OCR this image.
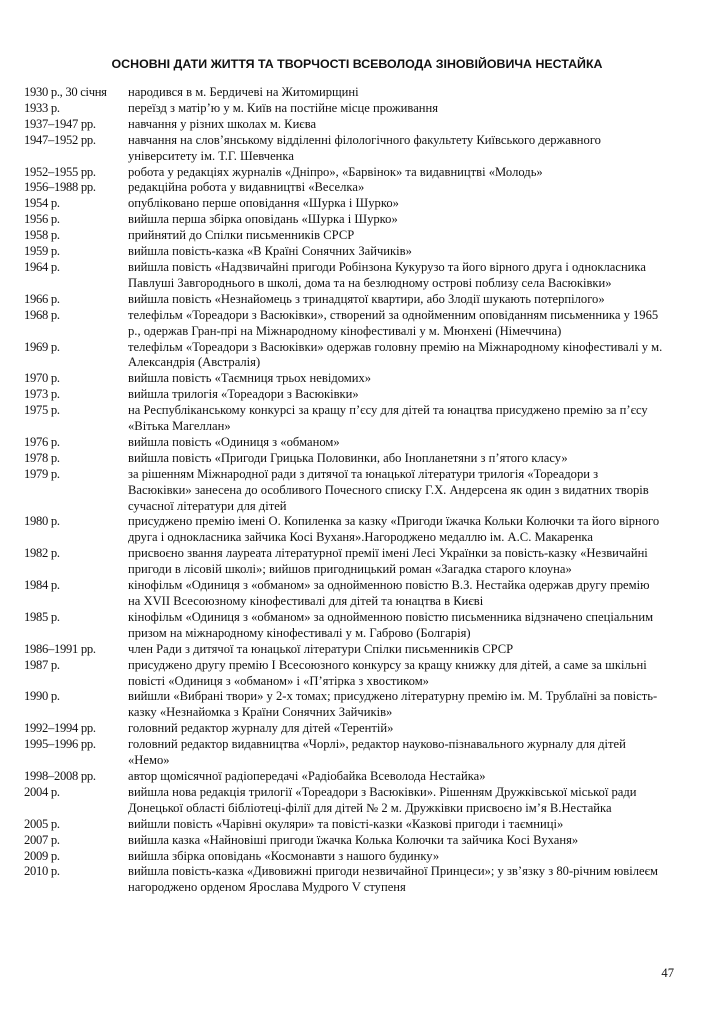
ОСНОВНІ ДАТИ ЖИТТЯ ТА ТВОРЧОСТІ ВСЕВОЛОДА ЗІНОВІЙОВИЧА НЕСТАЙКА
1930 р., 30 січня	народився в м. Бердичеві на Житомирщині
1933 р.	переїзд з матір’ю у м. Київ на постійне місце проживання
1937–1947 рр.	навчання у різних школах м. Києва
1947–1952 рр.	навчання на слов’янському відділенні філологічного факультету Київського державного університету ім. Т.Г. Шевченка
1952–1955 рр.	робота у редакціях журналів «Дніпро», «Барвінок» та видавництві «Молодь»
1956–1988 рр.	редакційна робота у видавництві «Веселка»
1954 р.	опубліковано перше оповідання «Шурка і Шурко»
1956 р.	вийшла перша збірка оповідань «Шурка і Шурко»
1958 р.	прийнятий до Спілки письменників СРСР
1959 р.	вийшла повість-казка «В Країні Сонячних Зайчиків»
1964 р.	вийшла повість «Надзвичайні пригоди Робінзона Кукурузо та його вірного друга і однокласника Павлуші Завгороднього в школі, дома та на безлюдному острові поблизу села Васюківки»
1966 р.	вийшла повість «Незнайомець з тринадцятої квартири, або Злодії шукають потерпілого»
1968 р.	телефільм «Тореадори з Васюківки», створений за однойменним оповіданням письменника у 1965 р., одержав Гран-прі на Міжнародному кінофестивалі у м. Мюнхені (Німеччина)
1969 р.	телефільм «Тореадори з Васюківки» одержав головну премію на Міжнародному кінофестивалі у м. Александрія (Австралія)
1970 р.	вийшла повість «Таємниця трьох невідомих»
1973 р.	вийшла трилогія «Тореадори з Васюківки»
1975 р.	на Республіканському конкурсі за кращу п’єсу для дітей та юнацтва присуджено премію за п’єсу «Вітька Магеллан»
1976 р.	вийшла повість «Одиниця з «обманом»
1978 р.	вийшла повість «Пригоди Грицька Половинки, або Інопланетяни з п’ятого класу»
1979 р.	за рішенням Міжнародної ради з дитячої та юнацької літератури трилогія «Тореадори з Васюківки» занесена до особливого Почесного списку Г.Х. Андерсена як один з видатних творів сучасної літератури для дітей
1980 р.	присуджено премію імені О. Копиленка за казку «Пригоди їжачка Кольки Колючки та його вірного друга і однокласника зайчика Косі Вуханя».Нагороджено медаллю ім. А.С. Макаренка
1982 р.	присвоєно звання лауреата літературної премії імені Лесі Українки за повість-казку «Незвичайні пригоди в лісовій школі»; вийшов пригодницький роман «Загадка старого клоуна»
1984 р.	кінофільм «Одиниця з «обманом» за однойменною повістю В.З. Нестайка одержав другу премію на XVII Всесоюзному кінофестивалі для дітей та юнацтва в Києві
1985 р.	кінофільм «Одиниця з «обманом» за однойменною повістю письменника відзначено спеціальним призом на міжнародному кінофестивалі у м. Габрово (Болгарія)
1986–1991 рр.	член Ради з дитячої та юнацької літератури Спілки письменників СРСР
1987 р.	присуджено другу премію І Всесоюзного конкурсу за кращу книжку для дітей, а саме за шкільні повісті «Одиниця з «обманом» і «П’ятірка з хвостиком»
1990 р.	вийшли «Вибрані твори» у 2-х томах; присуджено літературну премію ім. М. Трублаїні за повість-казку «Незнайомка з Країни Сонячних Зайчиків»
1992–1994 рр.	головний редактор журналу для дітей «Терентій»
1995–1996 рр.	головний редактор видавництва «Чорлі», редактор науково-пізнавального журналу для дітей «Немо»
1998–2008 рр.	автор щомісячної радіопередачі «Радіобайка Всеволода Нестайка»
2004 р.	вийшла нова редакція трилогії «Тореадори з Васюківки». Рішенням Дружківської міської ради Донецької області бібліотеці-філії для дітей № 2 м. Дружківки присвоєно ім’я В.Нестайка
2005 р.	вийшли повість «Чарівні окуляри» та повісті-казки «Казкові пригоди і таємниці»
2007 р.	вийшла казка «Найновіші пригоди їжачка Колька Колючки та зайчика Косі Вуханя»
2009 р.	вийшла збірка оповідань «Космонавти з нашого будинку»
2010 р.	вийшла повість-казка «Дивовижні пригоди незвичайної Принцеси»; у зв’язку з 80-річним ювілеєм нагороджено орденом Ярослава Мудрого V ступеня
47
